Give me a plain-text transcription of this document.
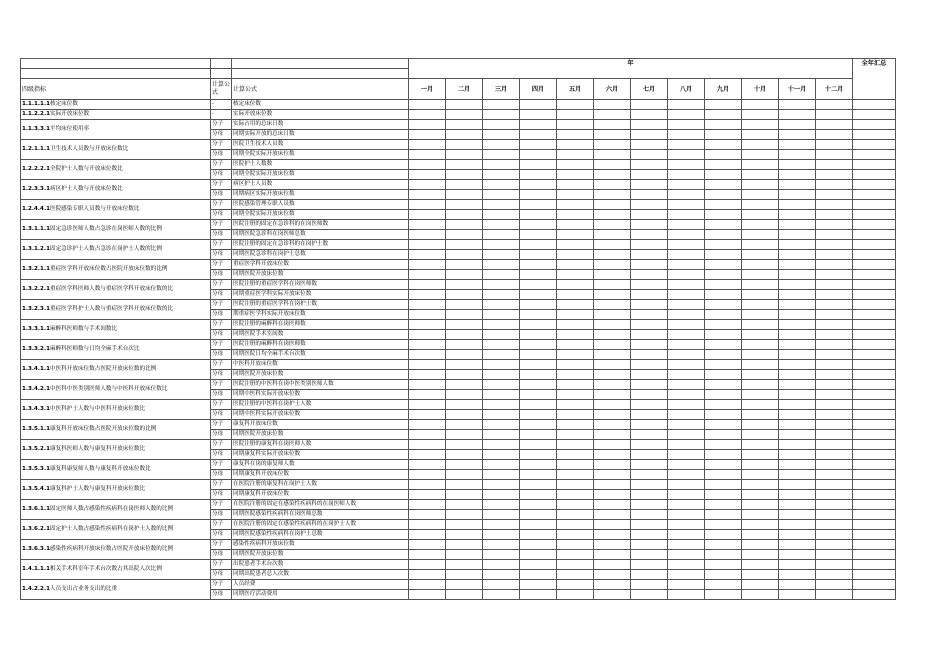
			年												全年汇总

四级指标	计算公式	计算公式	一月	二月	三月	四月	五月	六月	七月	八月	九月	十月	十一月	十二月	
1.1.1.1.1核定床位数	-	核定床位数													
1.1.2.2.1实际开放床位数	-	实际开放床位数													
1.1.3.3.1平均床位使用率	分子	实际占用的总床日数													
	分母	同期实际开放的总床日数													
1.2.1.1.1卫生技术人员数与开放床位数比	分子	医院卫生技术人员数													
	分母	同期全院实际开放床位数													
1.2.2.2.1全院护士人数与开放床位数比	分子	医院护士人数数													
	分母	同期全院实际开放床位数													
1.2.3.3.1病区护士人数与开放床位数比	分子	病区护士人员数													
	分母	同期病区实际开放床位数													
1.2.4.4.1医院感染专职人员数与开放床位数比	分子	医院感染管理专职人员数													
	分母	同期全院实际开放床位数													
1.3.1.1.1固定急诊医师人数占急诊在岗医师人数的比例	分子	医院注册的固定在急诊科的在岗医师数													
	分母	同期医院急诊科在岗医师总数													
1.3.1.2.1固定急诊护士人数占急诊在岗护士人数的比例	分子	医院注册的固定在急诊科的在岗护士数													
	分母	同期医院急诊科在岗护士总数													
1.3.2.1.1重症医学科开放床位数占医院开放床位数的比例	分子	重症医学科开放床位数													
	分母	同期医院开放床位数													
1.3.2.2.1重症医学科医师人数与重症医学科开放床位数的比	分子	医院注册的重症医学科在岗医师数													
	分母	同期重症医学科实际开放床位数													
1.3.2.3.1重症医学科护士人数与重症医学科开放床位数的比	分子	医院注册的重症医学科在岗护士数													
	分母	期重症医学科实际开放床位数													
1.3.3.1.1麻醉科医师数与手术间数比	分子	医院注册的麻醉科在岗医师数													
	分母	同期医院手术室间数													
1.3.3.2.1麻醉科医师数与日均全麻手术台次比	分子	医院注册的麻醉科在岗医师数													
	分母	同期医院日均全麻手术台次数													
1.3.4.1.1中医科开放床位数占医院开放床位数的比例	分子	中医科开放床位数													
	分母	同期医院开放床位数													
1.3.4.2.1中医科中医类别医师人数与中医科开放床位数比	分子	医院注册的中医科在岗中医类别医师人数													
	分母	同期中医科实际开放床位数													
1.3.4.3.1中医科护士人数与中医科开放床位数比	分子	医院注册的中医科在岗护士人数													
	分母	同期中医科实际开放床位数													
1.3.5.1.1康复科开放床位数占医院开放床位数的比例	分子	康复科开放床位数													
	分母	同期医院开放床位数													
1.3.5.2.1康复科医师人数与康复科开放床位数比	分子	医院注册的康复科在岗医师人数													
	分母	同期康复科实际开放床位数													
1.3.5.3.1康复科康复师人数与康复科开放床位数比	分子	康复科在岗的康复师人数													
	分母	同期康复科开放床位数													
1.3.5.4.1康复科护士人数与康复科开放床位数比	分子	在医院注册的康复科在岗护士人数													
	分母	同期康复科开放床位数													
1.3.6.1.1固定医师人数占感染性疾病科在岗医师人数的比例	分子	在医院注册的固定在感染性疾病科的在岗医师人数													
	分母	同期医院感染性疾病科在岗医师总数													
1.3.6.2.1固定护士人数占感染性疾病科在岗护士人数的比例	分子	在医院注册的固定在感染性疾病科的在岗护士人数													
	分母	同期医院感染性疾病科在岗护士总数													
1.3.6.3.1感染性疾病科开放床位数占医院开放床位数的比例	分子	感染性疾病科开放床位数													
	分母	同期医院开放床位数													
1.4.1.1.1相关手术科室年手术台次数占其出院人次比例	分子	出院患者手术台次数													
	分母	同期出院患者总人次数													
1.4.2.2.1人员支出占业务支出的比重	分子	人员经费													
	分母	同期医疗活动费用													
